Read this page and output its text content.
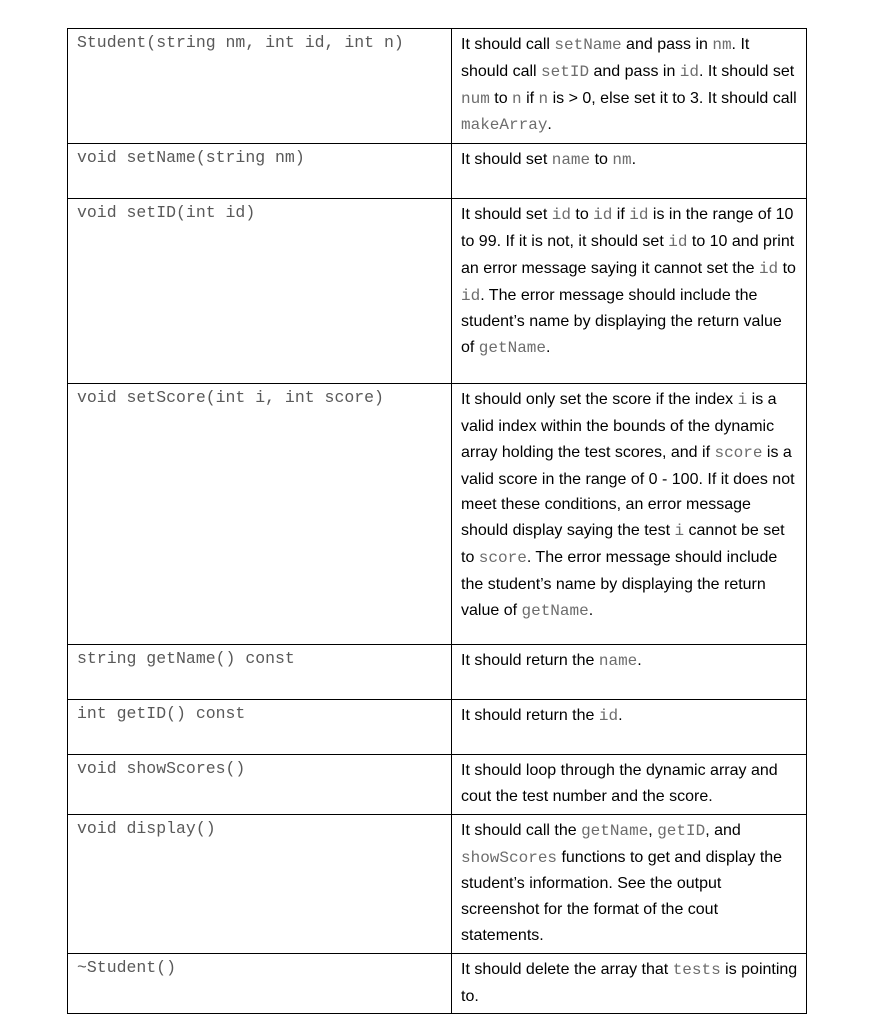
Student(string nm, int id, int n)	It should call setName and pass in nm. It should call setID and pass in id. It should set num to n if n is > 0, else set it to 3. It should call makeArray.
void setName(string nm)	It should set name to nm.
void setID(int id)	It should set id to id if id is in the range of 10 to 99. If it is not, it should set id to 10 and print an error message saying it cannot set the id to id. The error message should include the student’s name by displaying the return value of getName.
void setScore(int i, int score)	It should only set the score if the index i is a valid index within the bounds of the dynamic array holding the test scores, and if score is a valid score in the range of 0 - 100. If it does not meet these conditions, an error message should display saying the test i cannot be set to score. The error message should include the student’s name by displaying the return value of getName.
string getName() const	It should return the name.
int getID() const	It should return the id.
void showScores()	It should loop through the dynamic array and cout the test number and the score.
void display()	It should call the getName, getID, and showScores functions to get and display the student’s information. See the output screenshot for the format of the cout statements.
~Student()	It should delete the array that tests is pointing to.
